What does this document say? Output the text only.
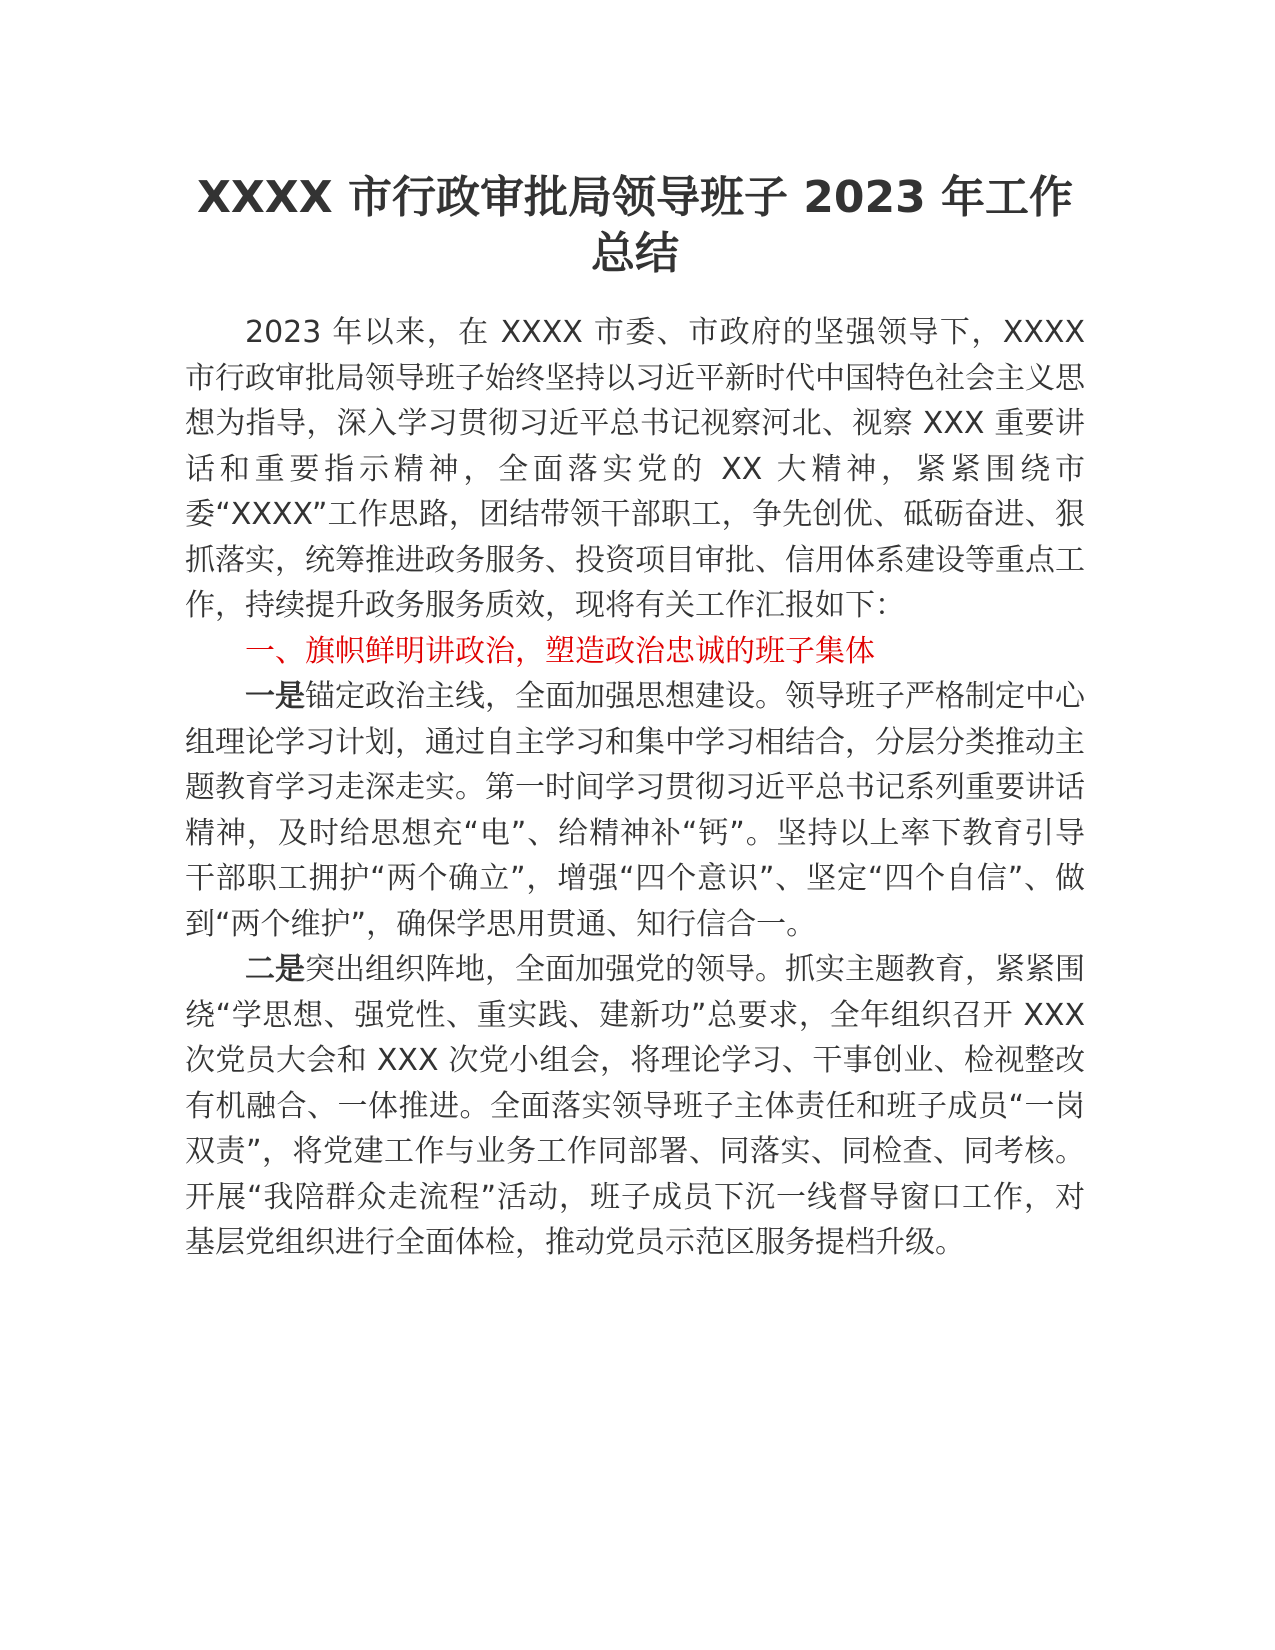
XXXX 市行政审批局领导班子 2023 年工作
总结

2023 年以来，在 XXXX 市委、市政府的坚强领导下，XXXX 市行政审批局领导班子始终坚持以习近平新时代中国特色社会主义思想为指导，深入学习贯彻习近平总书记视察河北、视察 XXX 重要讲话和重要指示精神，全面落实党的 XX 大精神，紧紧围绕市委“XXXX”工作思路，团结带领干部职工，争先创优、砥砺奋进、狠抓落实，统筹推进政务服务、投资项目审批、信用体系建设等重点工作，持续提升政务服务质效，现将有关工作汇报如下：

一、旗帜鲜明讲政治，塑造政治忠诚的班子集体

一是锚定政治主线，全面加强思想建设。领导班子严格制定中心组理论学习计划，通过自主学习和集中学习相结合，分层分类推动主题教育学习走深走实。第一时间学习贯彻习近平总书记系列重要讲话精神，及时给思想充“电”、给精神补“钙”。坚持以上率下教育引导干部职工拥护“两个确立”，增强“四个意识”、坚定“四个自信”、做到“两个维护”，确保学思用贯通、知行信合一。

二是突出组织阵地，全面加强党的领导。抓实主题教育，紧紧围绕“学思想、强党性、重实践、建新功”总要求，全年组织召开 XXX 次党员大会和 XXX 次党小组会，将理论学习、干事创业、检视整改有机融合、一体推进。全面落实领导班子主体责任和班子成员“一岗双责”，将党建工作与业务工作同部署、同落实、同检查、同考核。开展“我陪群众走流程”活动，班子成员下沉一线督导窗口工作，对基层党组织进行全面体检，推动党员示范区服务提档升级。
